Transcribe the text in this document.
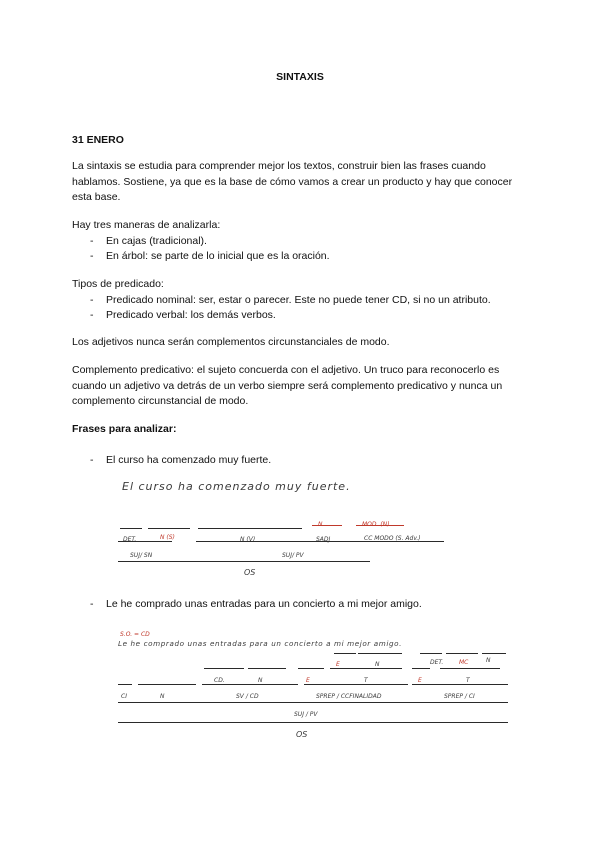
SINTAXIS

31 ENERO

La sintaxis se estudia para comprender mejor los textos, construir bien las frases cuando hablamos. Sostiene, ya que es la base de cómo vamos a crear un producto y hay que conocer esta base.

Hay tres maneras de analizarla:

- En cajas (tradicional).
- En árbol: se parte de lo inicial que es la oración.

Tipos de predicado:

- Predicado nominal: ser, estar o parecer. Este no puede tener CD, si no un atributo.
- Predicado verbal: los demás verbos.

Los adjetivos nunca serán complementos circunstanciales de modo.

Complemento predicativo: el sujeto concuerda con el adjetivo. Un truco para reconocerlo es cuando un adjetivo va detrás de un verbo siempre será complemento predicativo y nunca un complemento circunstancial de modo.

Frases para analizar:

- El curso ha comenzado muy fuerte.
El curso ha comenzado muy fuerte.
N	MOD. (N)
DET.	N (S)	N (V)	SADJ	CC MODO (S. Adv.)
SUJ/ SN	SUJ/ PV
OS
- Le he comprado unas entradas para un concierto a mi mejor amigo.
S.O. = CD
Le he comprado unas entradas para un concierto a mi mejor amigo.
E	N	DET.	MC	N
CD.	N	E	T	E	T
CI	N	SV / CD	SPREP / CCFINALIDAD	SPREP / CI
SUJ / PV
OS
